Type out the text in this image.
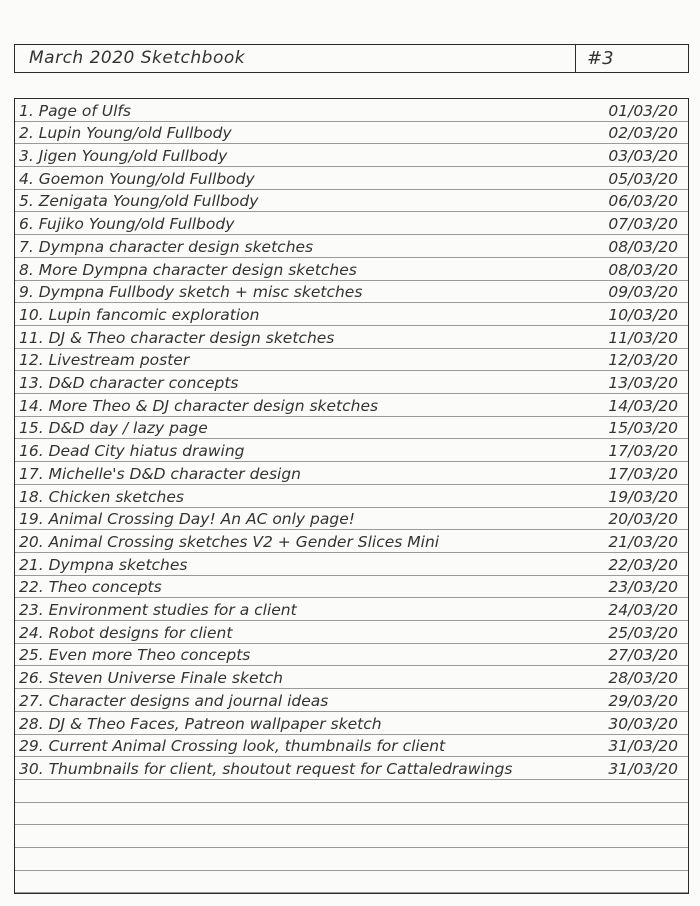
March 2020 Sketchbook	#3
1. Page of Ulfs	01/03/20
2. Lupin Young/old Fullbody	02/03/20
3. Jigen Young/old Fullbody	03/03/20
4. Goemon Young/old Fullbody	05/03/20
5. Zenigata Young/old Fullbody	06/03/20
6. Fujiko Young/old Fullbody	07/03/20
7. Dympna character design sketches	08/03/20
8. More Dympna character design sketches	08/03/20
9. Dympna Fullbody sketch + misc sketches	09/03/20
10. Lupin fancomic exploration	10/03/20
11. DJ & Theo character design sketches	11/03/20
12. Livestream poster	12/03/20
13. D&D character concepts	13/03/20
14. More Theo & DJ character design sketches	14/03/20
15. D&D day / lazy page	15/03/20
16. Dead City hiatus drawing	17/03/20
17. Michelle's D&D character design	17/03/20
18. Chicken sketches	19/03/20
19. Animal Crossing Day! An AC only page!	20/03/20
20. Animal Crossing sketches V2 + Gender Slices Mini	21/03/20
21. Dympna sketches	22/03/20
22. Theo concepts	23/03/20
23. Environment studies for a client	24/03/20
24. Robot designs for client	25/03/20
25. Even more Theo concepts	27/03/20
26. Steven Universe Finale sketch	28/03/20
27. Character designs and journal ideas	29/03/20
28. DJ & Theo Faces, Patreon wallpaper sketch	30/03/20
29. Current Animal Crossing look, thumbnails for client	31/03/20
30. Thumbnails for client, shoutout request for Cattaledrawings	31/03/20
